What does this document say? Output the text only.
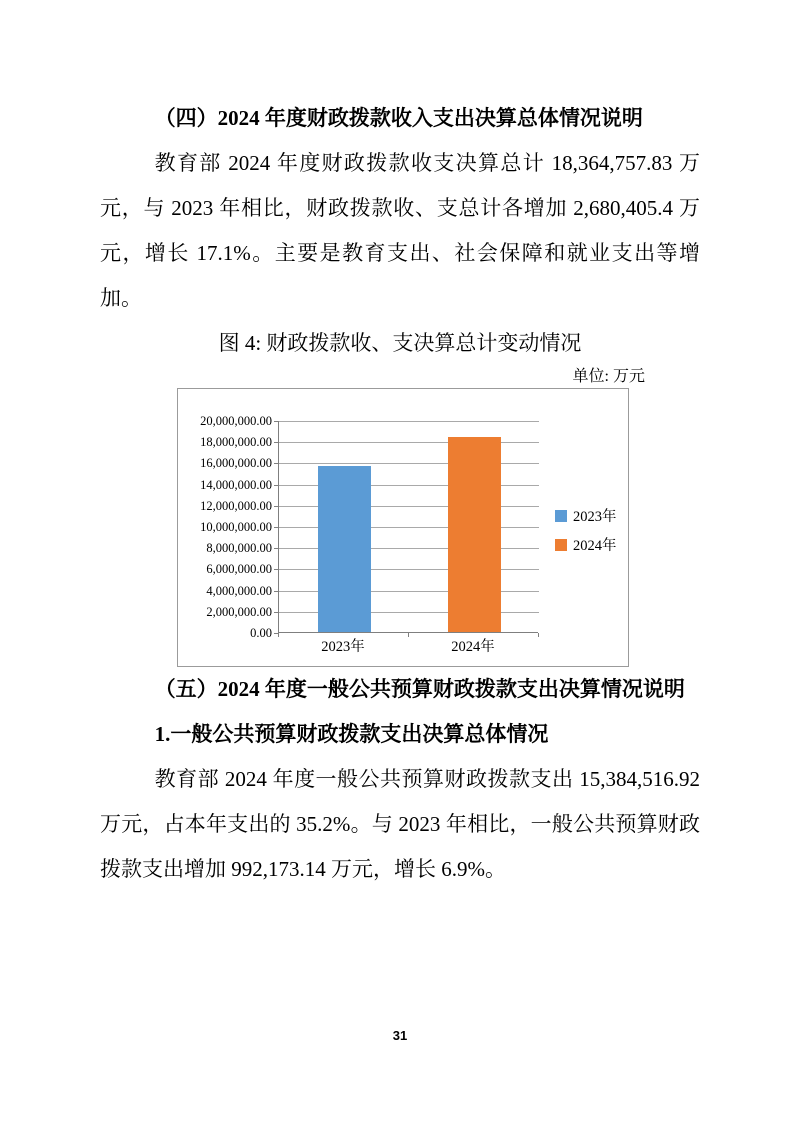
（四）2024 年度财政拨款收入支出决算总体情况说明

教育部 2024 年度财政拨款收支决算总计 18,364,757.83 万元，与 2023 年相比，财政拨款收、支总计各增加 2,680,405.4 万元，增长 17.1%。主要是教育支出、社会保障和就业支出等增加。

图 4: 财政拨款收、支决算总计变动情况

单位: 万元
2023年
2024年
20,000,000.00
18,000,000.00
16,000,000.00
14,000,000.00
12,000,000.00
10,000,000.00
8,000,000.00
6,000,000.00
4,000,000.00
2,000,000.00
0.00
2023年	2024年

（五）2024 年度一般公共预算财政拨款支出决算情况说明

1.一般公共预算财政拨款支出决算总体情况

教育部 2024 年度一般公共预算财政拨款支出 15,384,516.92 万元，占本年支出的 35.2%。与 2023 年相比，一般公共预算财政拨款支出增加 992,173.14 万元，增长 6.9%。

31
